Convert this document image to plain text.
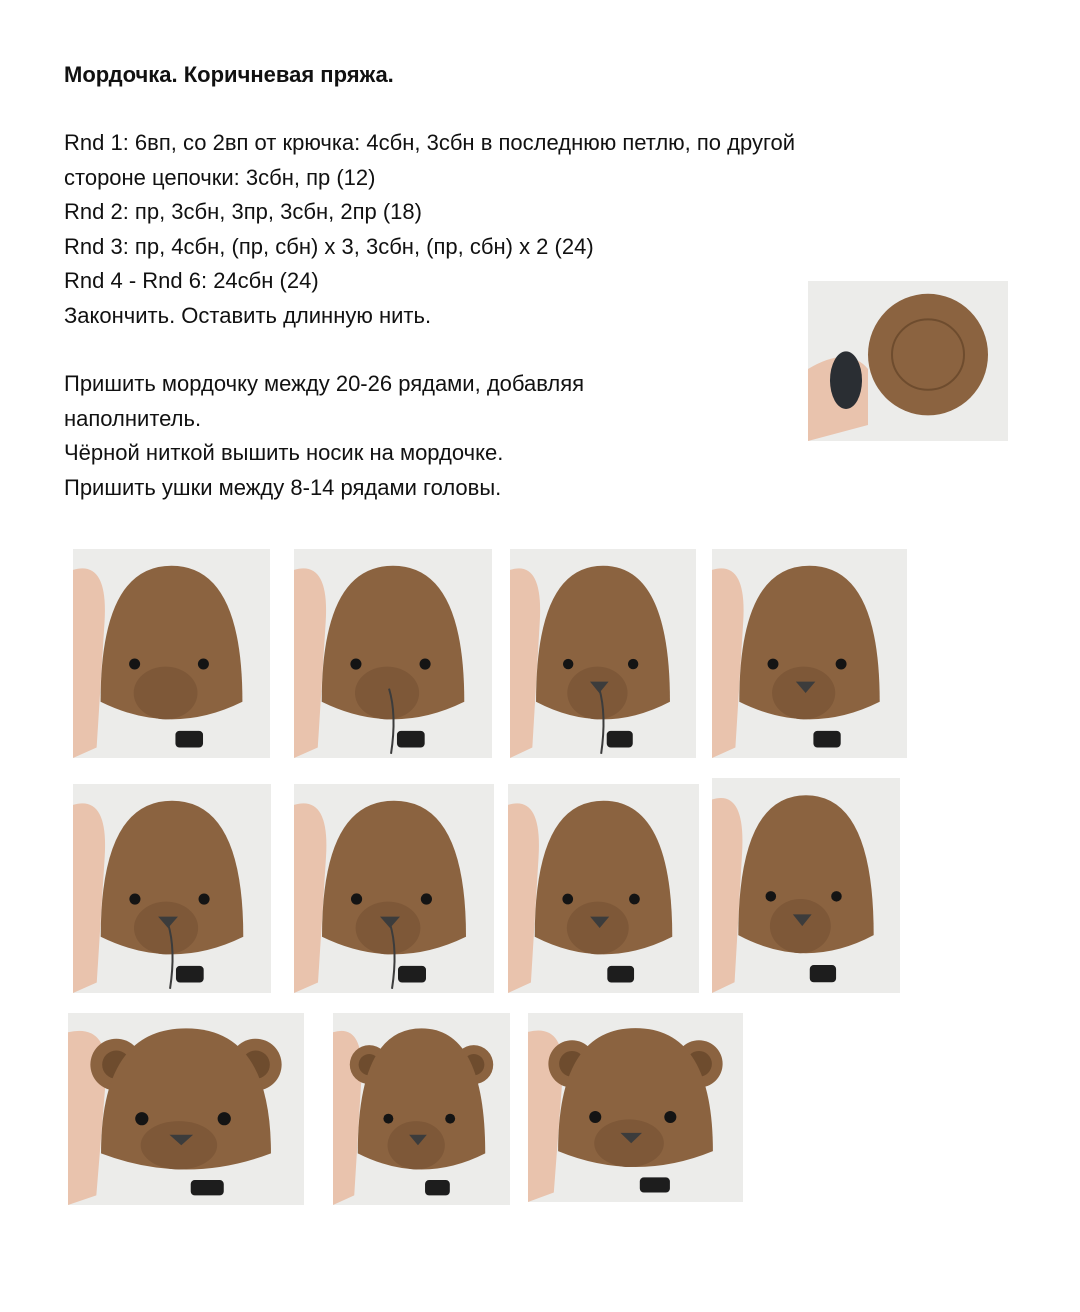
Мордочка. Коричневая пряжа.

Rnd 1: 6вп, со 2вп от крючка: 4сбн, 3сбн в последнюю петлю, по другой

стороне цепочки: 3сбн, пр (12)

Rnd 2: пр, 3сбн, 3пр, 3сбн, 2пр (18)

Rnd 3: пр, 4сбн, (пр, сбн) х 3, 3сбн, (пр, сбн) х 2 (24)

Rnd 4 - Rnd 6: 24сбн (24)

Закончить. Оставить длинную нить.

Пришить мордочку между 20-26 рядами, добавляя

наполнитель.

Чёрной ниткой вышить носик на мордочке.

Пришить ушки между 8-14 рядами головы.
